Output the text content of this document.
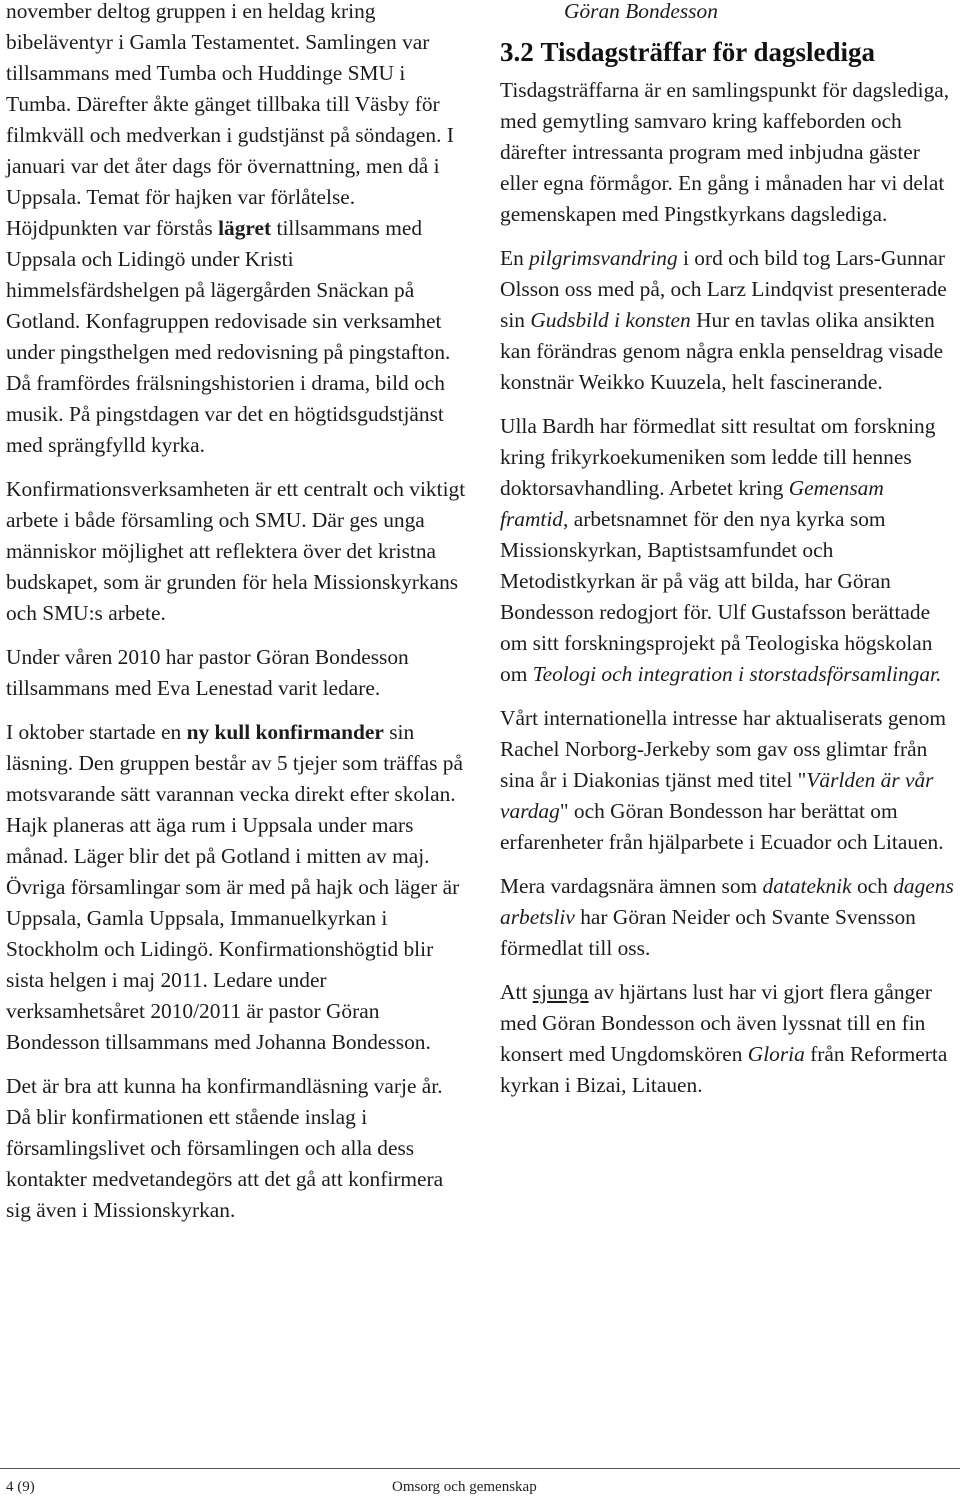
november deltog gruppen i en heldag kring bibeläventyr i Gamla Testamentet. Samlingen var tillsammans med Tumba och Huddinge SMU i Tumba. Därefter åkte gänget tillbaka till Väsby för filmkväll och medverkan i gudstjänst på söndagen. I januari var det åter dags för övernattning, men då i Uppsala. Temat för hajken var förlåtelse. Höjdpunkten var förstås lägret tillsammans med Uppsala och Lidingö under Kristi himmelsfärdshelgen på lägergården Snäckan på Gotland. Konfagruppen redovisade sin verksamhet under pingsthelgen med redovisning på pingstafton. Då framfördes frälsningshistorien i drama, bild och musik. På pingstdagen var det en högtidsgudstjänst med sprängfylld kyrka.

Konfirmationsverksamheten är ett centralt och viktigt arbete i både församling och SMU. Där ges unga människor möjlighet att reflektera över det kristna budskapet, som är grunden för hela Missionskyrkans och SMU:s arbete.

Under våren 2010 har pastor Göran Bondesson tillsammans med Eva Lenestad varit ledare.

I oktober startade en ny kull konfirmander sin läsning. Den gruppen består av 5 tjejer som träffas på motsvarande sätt varannan vecka direkt efter skolan. Hajk planeras att äga rum i Uppsala under mars månad. Läger blir det på Gotland i mitten av maj. Övriga församlingar som är med på hajk och läger är Uppsala, Gamla Uppsala, Immanuelkyrkan i Stockholm och Lidingö. Konfirmationshögtid blir sista helgen i maj 2011. Ledare under verksamhetsåret 2010/2011 är pastor Göran Bondesson tillsammans med Johanna Bondesson.

Det är bra att kunna ha konfirmandläsning varje år. Då blir konfirmationen ett stående inslag i församlingslivet och församlingen och alla dess kontakter medvetandegörs att det gå att konfirmera sig även i Missionskyrkan.

Göran Bondesson

3.2 Tisdagsträffar för dagslediga

Tisdagsträffarna är en samlingspunkt för dagslediga, med gemytling samvaro kring kaffeborden och därefter intressanta program med inbjudna gäster eller egna förmågor. En gång i månaden har vi delat gemenskapen med Pingstkyrkans dagslediga.

En pilgrimsvandring i ord och bild tog Lars-Gunnar Olsson oss med på, och Larz Lindqvist presenterade sin Gudsbild i konsten Hur en tavlas olika ansikten kan förändras genom några enkla penseldrag visade konstnär Weikko Kuuzela, helt fascinerande.

Ulla Bardh har förmedlat sitt resultat om forskning kring frikyrkoekumeniken som ledde till hennes doktorsavhandling. Arbetet kring Gemensam framtid, arbetsnamnet för den nya kyrka som Missionskyrkan, Baptistsamfundet och Metodistkyrkan är på väg att bilda, har Göran Bondesson redogjort för. Ulf Gustafsson berättade om sitt forskningsprojekt på Teologiska högskolan om Teologi och integration i storstadsförsamlingar.

Vårt internationella intresse har aktualiserats genom Rachel Norborg-Jerkeby som gav oss glimtar från sina år i Diakonias tjänst med titel "Världen är vår vardag" och Göran Bondesson har berättat om erfarenheter från hjälparbete i Ecuador och Litauen.

Mera vardagsnära ämnen som datateknik och dagens arbetsliv har Göran Neider och Svante Svensson förmedlat till oss.

Att sjunga av hjärtans lust har vi gjort flera gånger med Göran Bondesson och även lyssnat till en fin konsert med Ungdomskören Gloria från Reformerta kyrkan i Bizai, Litauen.

4 (9)	Omsorg och gemenskap
